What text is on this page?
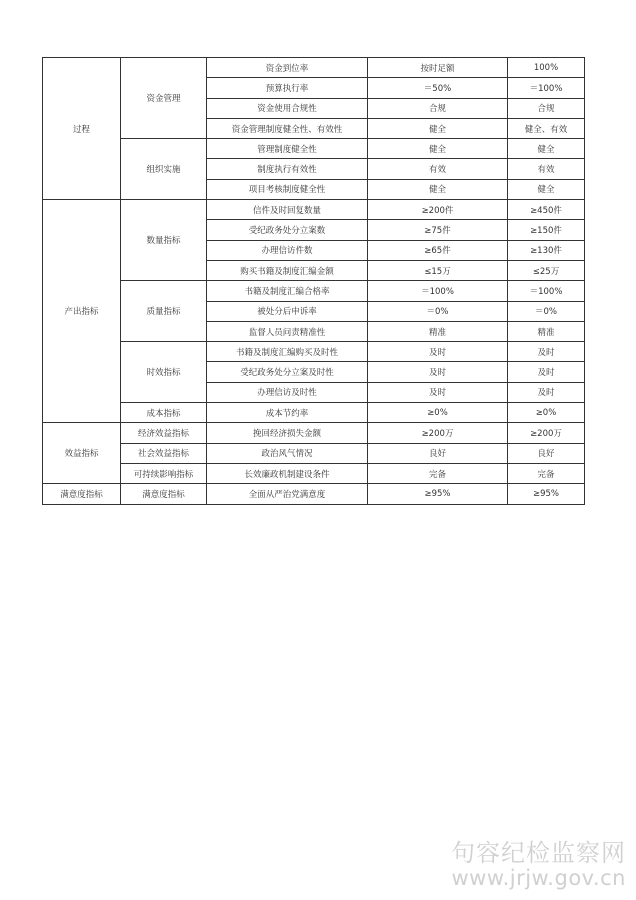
过程	资金管理	资金到位率	按时足额	100%
		预算执行率	＝50%	＝100%
		资金使用合规性	合规	合规
		资金管理制度健全性、有效性	健全	健全、有效
	组织实施	管理制度健全性	健全	健全
		制度执行有效性	有效	有效
		项目考核制度健全性	健全	健全
产出指标	数量指标	信件及时回复数量	≥200件	≥450件
		受纪政务处分立案数	≥75件	≥150件
		办理信访件数	≥65件	≥130件
		购买书籍及制度汇编金额	≤15万	≤25万
	质量指标	书籍及制度汇编合格率	＝100%	＝100%
		被处分后申诉率	＝0%	＝0%
		监督人员问责精准性	精准	精准
	时效指标	书籍及制度汇编购买及时性	及时	及时
		受纪政务处分立案及时性	及时	及时
		办理信访及时性	及时	及时
	成本指标	成本节约率	≥0%	≥0%
效益指标	经济效益指标	挽回经济损失金额	≥200万	≥200万
	社会效益指标	政治风气情况	良好	良好
	可持续影响指标	长效廉政机制建设条件	完备	完备
满意度指标	满意度指标	全面从严治党满意度	≥95%	≥95%
句容纪检监察网
www.jrjw.gov.cn
